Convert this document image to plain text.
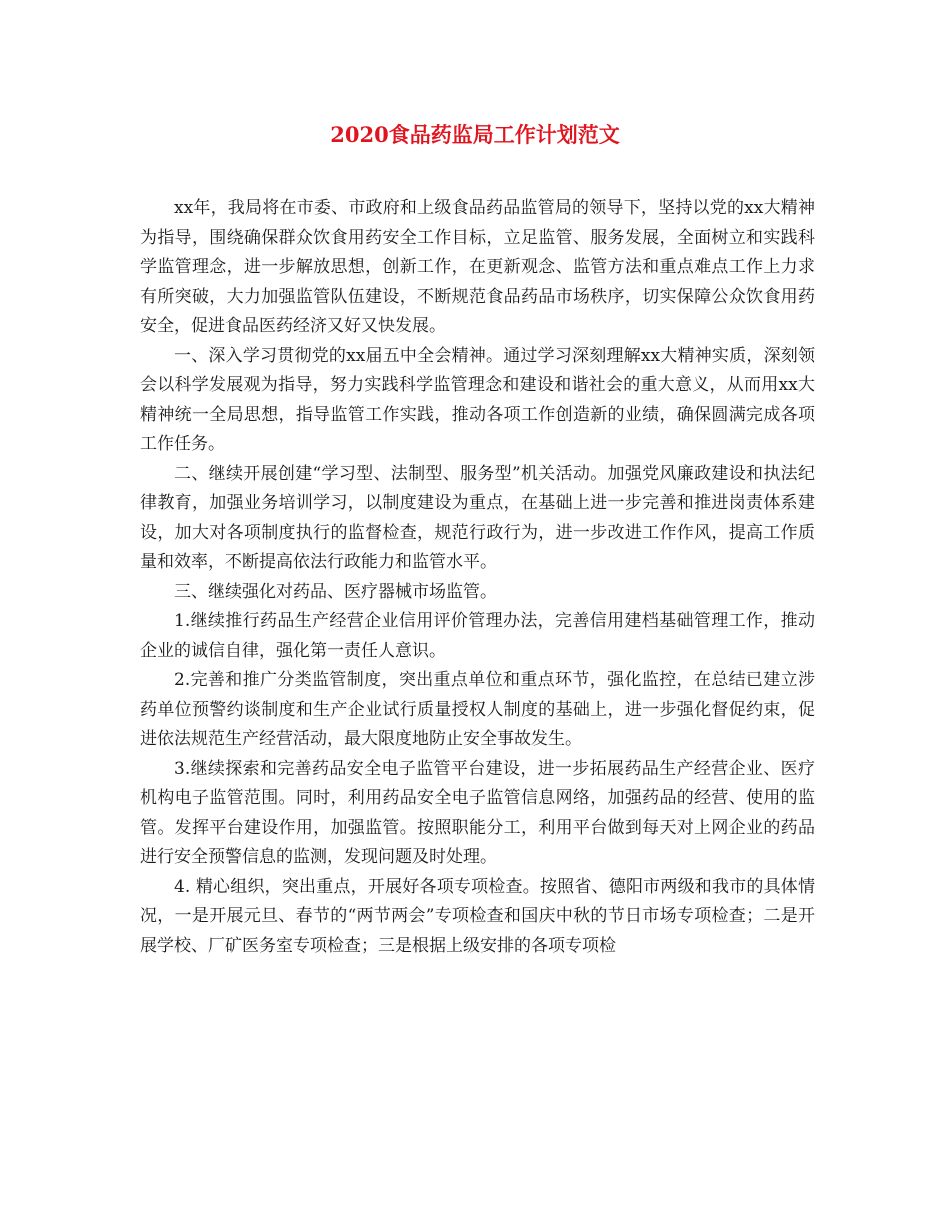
2020食品药监局工作计划范文

xx年，我局将在市委、市政府和上级食品药品监管局的领导下，坚持以党的xx大精神为指导，围绕确保群众饮食用药安全工作目标，立足监管、服务发展，全面树立和实践科学监管理念，进一步解放思想，创新工作，在更新观念、监管方法和重点难点工作上力求有所突破，大力加强监管队伍建设，不断规范食品药品市场秩序，切实保障公众饮食用药安全，促进食品医药经济又好又快发展。

一、深入学习贯彻党的xx届五中全会精神。通过学习深刻理解xx大精神实质，深刻领会以科学发展观为指导，努力实践科学监管理念和建设和谐社会的重大意义，从而用xx大精神统一全局思想，指导监管工作实践，推动各项工作创造新的业绩，确保圆满完成各项工作任务。

二、继续开展创建“学习型、法制型、服务型”机关活动。加强党风廉政建设和执法纪律教育，加强业务培训学习，以制度建设为重点，在基础上进一步完善和推进岗责体系建设，加大对各项制度执行的监督检查，规范行政行为，进一步改进工作作风，提高工作质量和效率，不断提高依法行政能力和监管水平。

三、继续强化对药品、医疗器械市场监管。

1.继续推行药品生产经营企业信用评价管理办法，完善信用建档基础管理工作，推动企业的诚信自律，强化第一责任人意识。

2.完善和推广分类监管制度，突出重点单位和重点环节，强化监控，在总结已建立涉药单位预警约谈制度和生产企业试行质量授权人制度的基础上，进一步强化督促约束，促进依法规范生产经营活动，最大限度地防止安全事故发生。

3.继续探索和完善药品安全电子监管平台建设，进一步拓展药品生产经营企业、医疗机构电子监管范围。同时，利用药品安全电子监管信息网络，加强药品的经营、使用的监管。发挥平台建设作用，加强监管。按照职能分工，利用平台做到每天对上网企业的药品进行安全预警信息的监测，发现问题及时处理。

4. 精心组织，突出重点，开展好各项专项检查。按照省、德阳市两级和我市的具体情况，一是开展元旦、春节的“两节两会”专项检查和国庆中秋的节日市场专项检查；二是开展学校、厂矿医务室专项检查；三是根据上级安排的各项专项检
